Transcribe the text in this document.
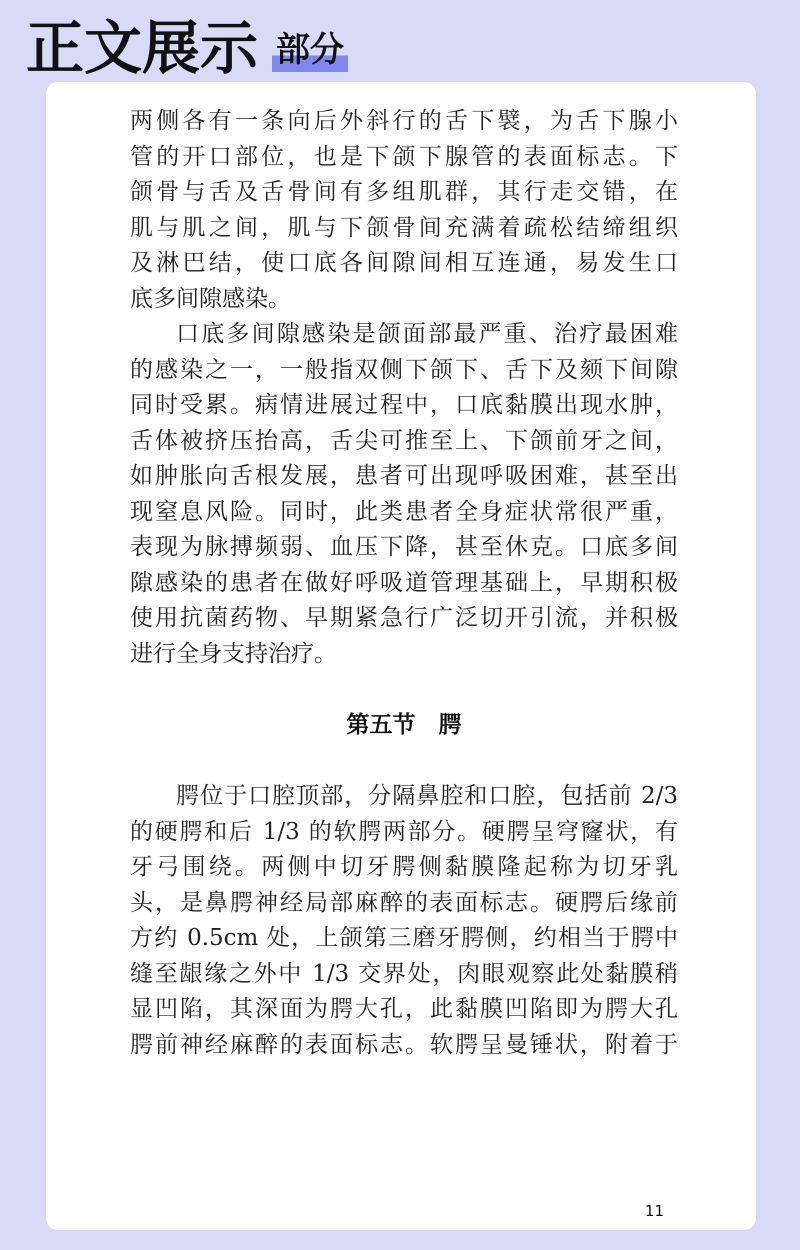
正文展示 部分
两侧各有一条向后外斜行的舌下襞，为舌下腺小
管的开口部位，也是下颌下腺管的表面标志。下
颌骨与舌及舌骨间有多组肌群，其行走交错，在
肌与肌之间，肌与下颌骨间充满着疏松结缔组织
及淋巴结，使口底各间隙间相互连通，易发生口
底多间隙感染。
口底多间隙感染是颌面部最严重、治疗最困难
的感染之一，一般指双侧下颌下、舌下及颏下间隙
同时受累。病情进展过程中，口底黏膜出现水肿，
舌体被挤压抬高，舌尖可推至上、下颌前牙之间，
如肿胀向舌根发展，患者可出现呼吸困难，甚至出
现窒息风险。同时，此类患者全身症状常很严重，
表现为脉搏频弱、血压下降，甚至休克。口底多间
隙感染的患者在做好呼吸道管理基础上，早期积极
使用抗菌药物、早期紧急行广泛切开引流，并积极
进行全身支持治疗。
第五节　腭
腭位于口腔顶部，分隔鼻腔和口腔，包括前 2/3
的硬腭和后 1/3 的软腭两部分。硬腭呈穹窿状，有
牙弓围绕。两侧中切牙腭侧黏膜隆起称为切牙乳
头，是鼻腭神经局部麻醉的表面标志。硬腭后缘前
方约 0.5cm 处，上颌第三磨牙腭侧，约相当于腭中
缝至龈缘之外中 1/3 交界处，肉眼观察此处黏膜稍
显凹陷，其深面为腭大孔，此黏膜凹陷即为腭大孔
腭前神经麻醉的表面标志。软腭呈曼锤状，附着于
11
